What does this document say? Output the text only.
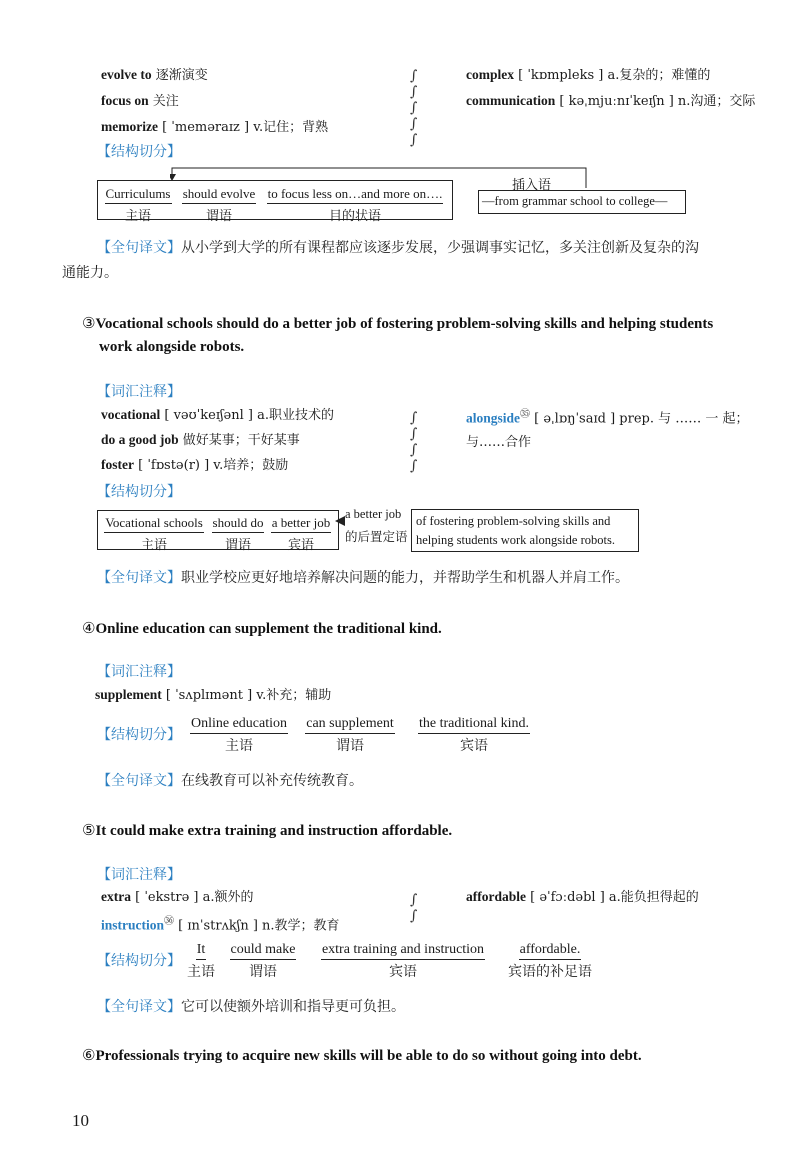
evolve to 逐渐演变
focus on 关注
memorize [ ˈmeməraɪz ] v.记住；背熟
∫
∫
∫
∫
∫
complex [ ˈkɒmpleks ] a.复杂的；难懂的
communication [ kəˌmjuːnɪˈkeɪʃn ] n.沟通；交际
【结构切分】
Curriculums
主语
should evolve
谓语
to focus less on…and more on….
目的状语
插入语
—from grammar school to college—
【全句译文】从小学到大学的所有课程都应该逐步发展，少强调事实记忆，多关注创新及复杂的沟
通能力。
③Vocational schools should do a better job of fostering problem-solving skills and helping students
work alongside robots.
【词汇注释】
vocational [ vəʊˈkeɪʃənl ] a.职业技术的
do a good job 做好某事；干好某事
foster [ ˈfɒstə(r) ] v.培养；鼓励
∫
∫
∫
∫
alongside$^㉟$ [ əˌlɒŋˈsaɪd ] prep. 与 …… 一 起；
与……合作
【结构切分】
Vocational schools
主语
should do
谓语
a better job
宾语
a better job
的后置定语
of fostering problem-solving skills and
helping students work alongside robots.
【全句译文】职业学校应更好地培养解决问题的能力，并帮助学生和机器人并肩工作。
④Online education can supplement the traditional kind.
【词汇注释】
supplement [ ˈsʌplɪmənt ] v.补充；辅助
【结构切分】
Online education
主语
can supplement
谓语
the traditional kind.
宾语
【全句译文】在线教育可以补充传统教育。
⑤It could make extra training and instruction affordable.
【词汇注释】
extra [ ˈekstrə ] a.额外的
instruction$^㊱$ [ ɪnˈstrʌkʃn ] n.教学；教育
∫
∫
affordable [ əˈfɔːdəbl ] a.能负担得起的
【结构切分】
It
主语
could make
谓语
extra training and instruction
宾语
affordable.
宾语的补足语
【全句译文】它可以使额外培训和指导更可负担。
⑥Professionals trying to acquire new skills will be able to do so without going into debt.
10
